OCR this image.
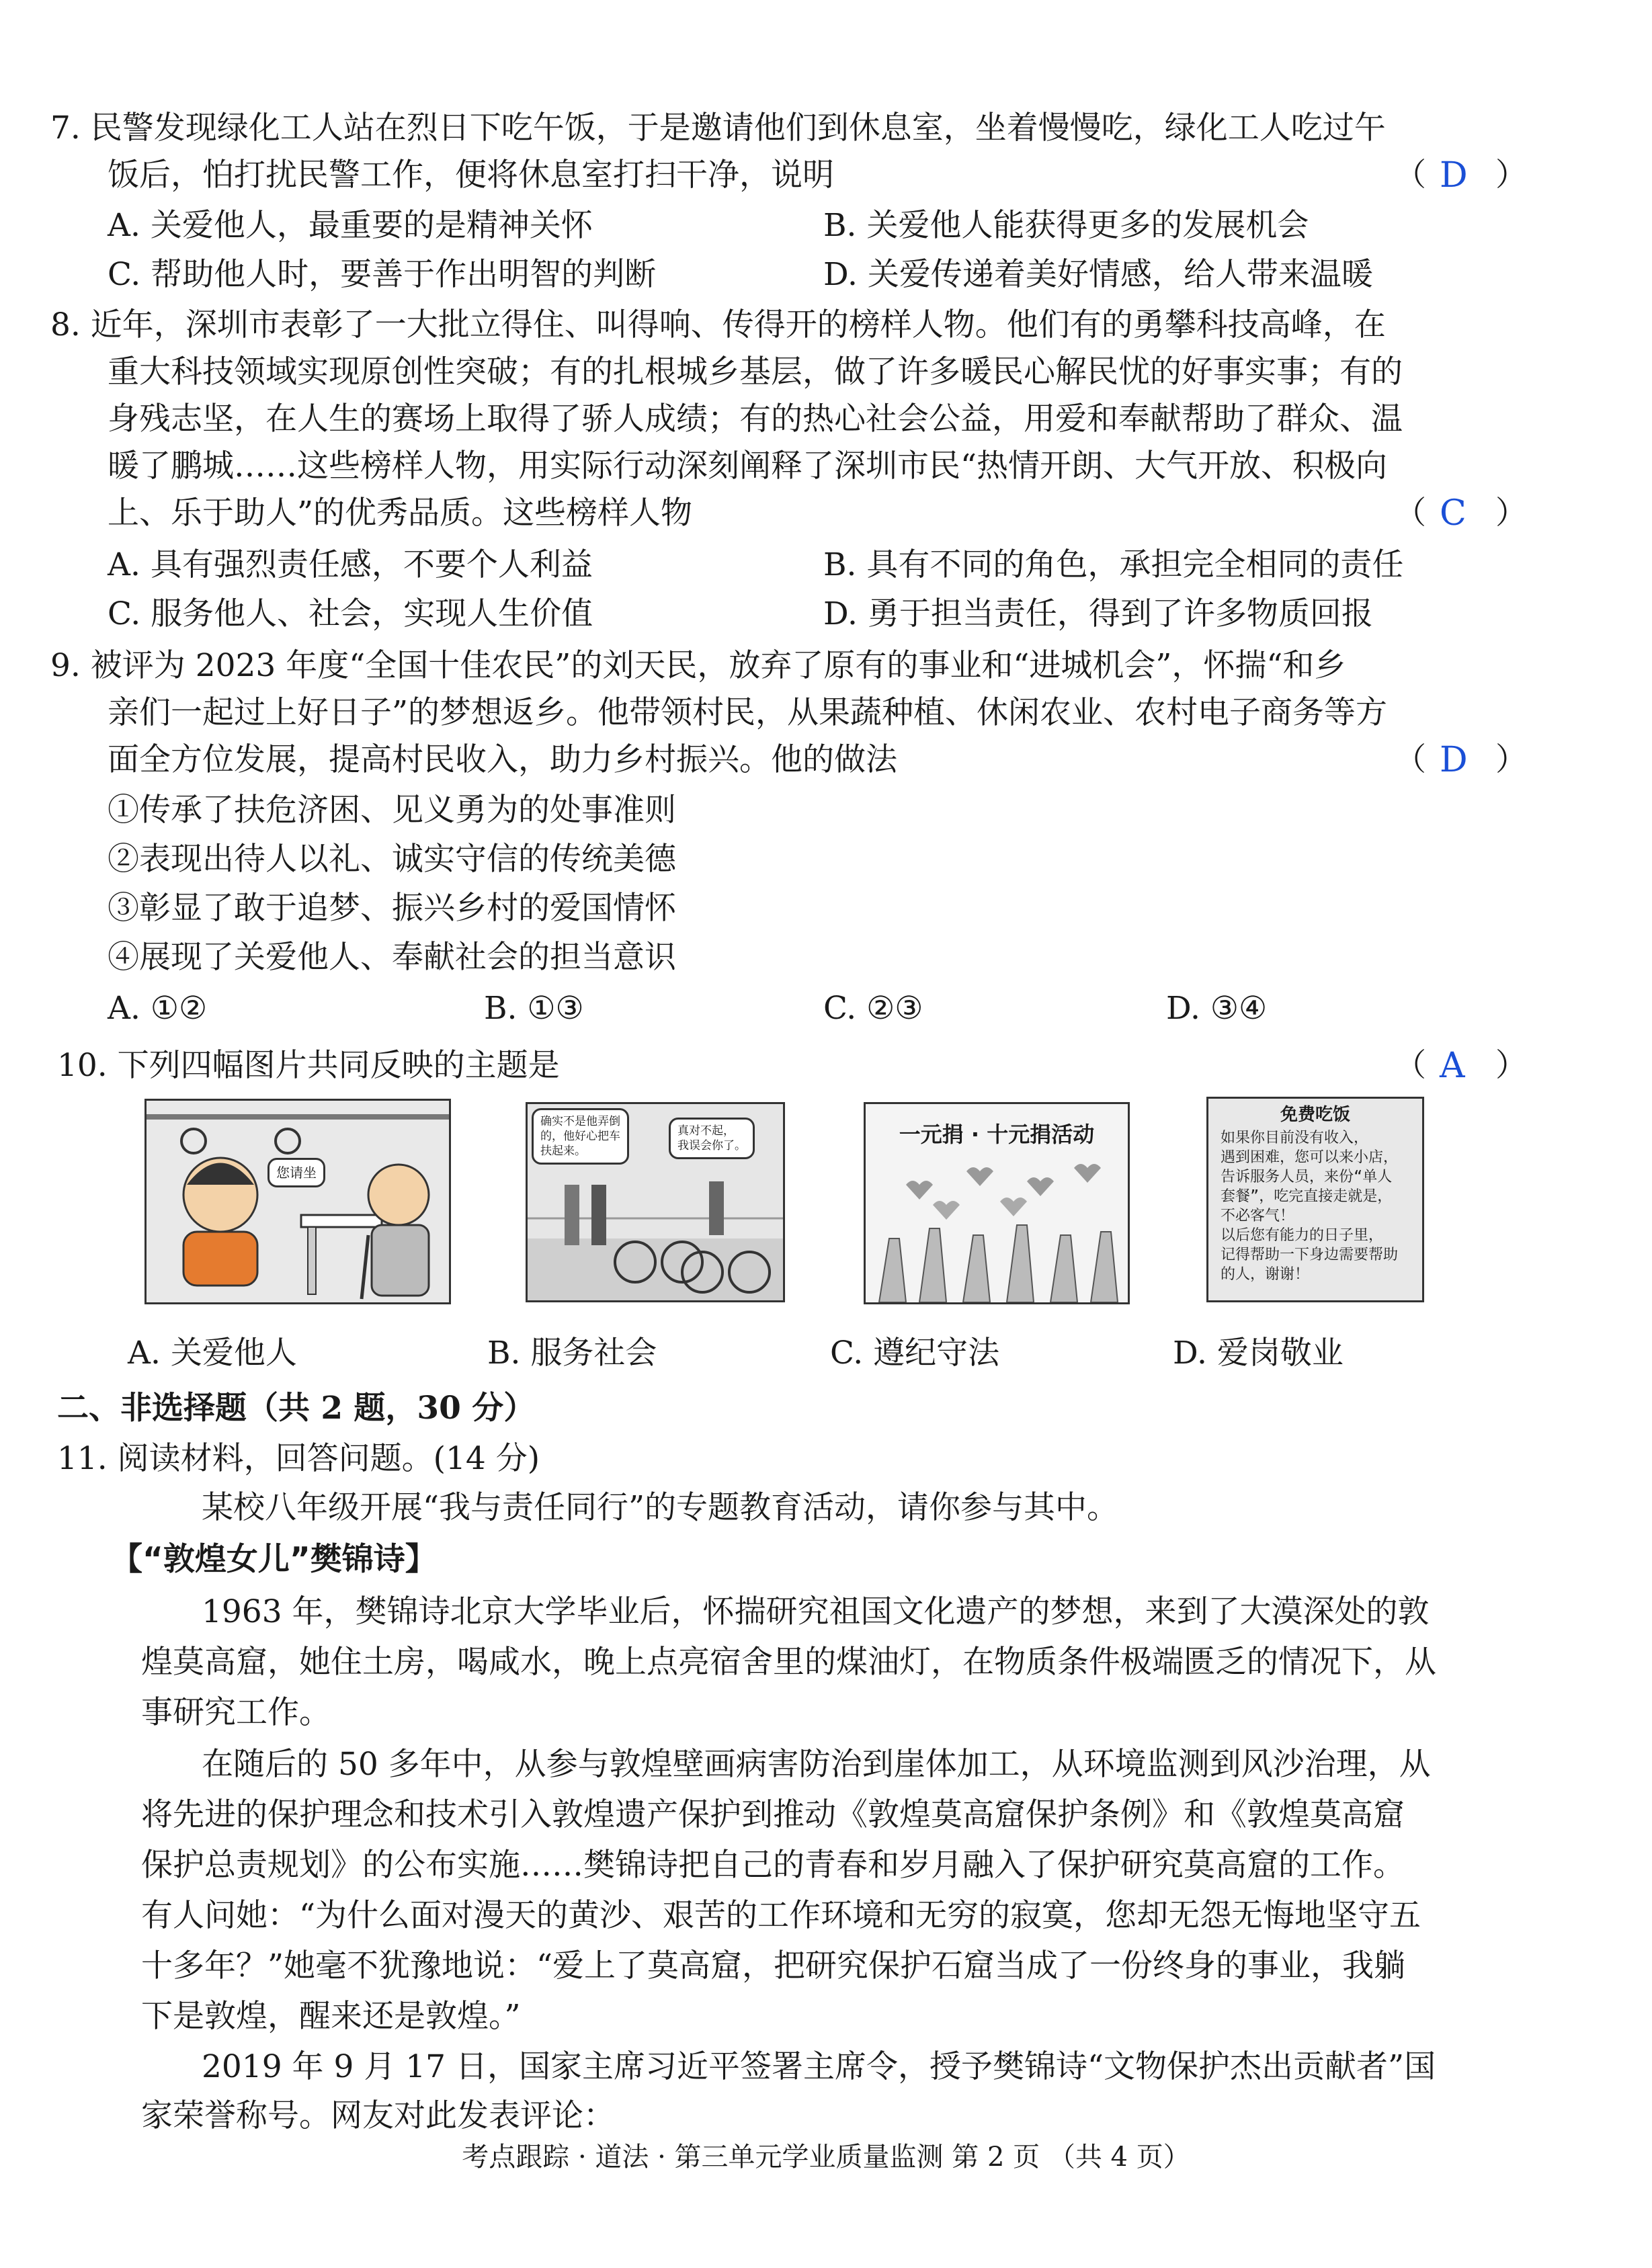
7. 民警发现绿化工人站在烈日下吃午饭，于是邀请他们到休息室，坐着慢慢吃，绿化工人吃过午
饭后，怕打扰民警工作，便将休息室打扫干净，说明	（ D ）
A. 关爱他人，最重要的是精神关怀	B. 关爱他人能获得更多的发展机会
C. 帮助他人时，要善于作出明智的判断	D. 关爱传递着美好情感，给人带来温暖
8. 近年，深圳市表彰了一大批立得住、叫得响、传得开的榜样人物。他们有的勇攀科技高峰，在
重大科技领域实现原创性突破；有的扎根城乡基层，做了许多暖民心解民忧的好事实事；有的
身残志坚，在人生的赛场上取得了骄人成绩；有的热心社会公益，用爱和奉献帮助了群众、温
暖了鹏城……这些榜样人物，用实际行动深刻阐释了深圳市民“热情开朗、大气开放、积极向
上、乐于助人”的优秀品质。这些榜样人物	（ C ）
A. 具有强烈责任感，不要个人利益	B. 具有不同的角色，承担完全相同的责任
C. 服务他人、社会，实现人生价值	D. 勇于担当责任，得到了许多物质回报
9. 被评为 2023 年度“全国十佳农民”的刘天民，放弃了原有的事业和“进城机会”，怀揣“和乡
亲们一起过上好日子”的梦想返乡。他带领村民，从果蔬种植、休闲农业、农村电子商务等方
面全方位发展，提高村民收入，助力乡村振兴。他的做法	（ D ）
①传承了扶危济困、见义勇为的处事准则
②表现出待人以礼、诚实守信的传统美德
③彰显了敢于追梦、振兴乡村的爱国情怀
④展现了关爱他人、奉献社会的担当意识
A. ①②	B. ①③	C. ②③	D. ③④
10. 下列四幅图片共同反映的主题是	（ A ）
您请坐
确实不是他弄倒
的，他好心把车
扶起来。
真对不起，
我误会你了。	一元捐 · 十元捐活动
免费吃饭
如果你目前没有收入，
遇到困难，您可以来小店，
告诉服务人员，来份“单人
套餐”，吃完直接走就是，
不必客气！
以后您有能力的日子里，
记得帮助一下身边需要帮助
的人，谢谢！
A. 关爱他人	B. 服务社会	C. 遵纪守法	D. 爱岗敬业
二、非选择题（共 2 题，30 分）
11. 阅读材料，回答问题。(14 分)
某校八年级开展“我与责任同行”的专题教育活动，请你参与其中。
【“敦煌女儿”樊锦诗】
1963 年，樊锦诗北京大学毕业后，怀揣研究祖国文化遗产的梦想，来到了大漠深处的敦
煌莫高窟，她住土房，喝咸水，晚上点亮宿舍里的煤油灯，在物质条件极端匮乏的情况下，从
事研究工作。
在随后的 50 多年中，从参与敦煌壁画病害防治到崖体加工，从环境监测到风沙治理，从
将先进的保护理念和技术引入敦煌遗产保护到推动《敦煌莫高窟保护条例》和《敦煌莫高窟
保护总责规划》的公布实施……樊锦诗把自己的青春和岁月融入了保护研究莫高窟的工作。
有人问她：“为什么面对漫天的黄沙、艰苦的工作环境和无穷的寂寞，您却无怨无悔地坚守五
十多年？”她毫不犹豫地说：“爱上了莫高窟，把研究保护石窟当成了一份终身的事业，我躺
下是敦煌，醒来还是敦煌。”
2019 年 9 月 17 日，国家主席习近平签署主席令，授予樊锦诗“文物保护杰出贡献者”国
家荣誉称号。网友对此发表评论：
考点跟踪 · 道法 · 第三单元学业质量监测 第 2 页 （共 4 页）
